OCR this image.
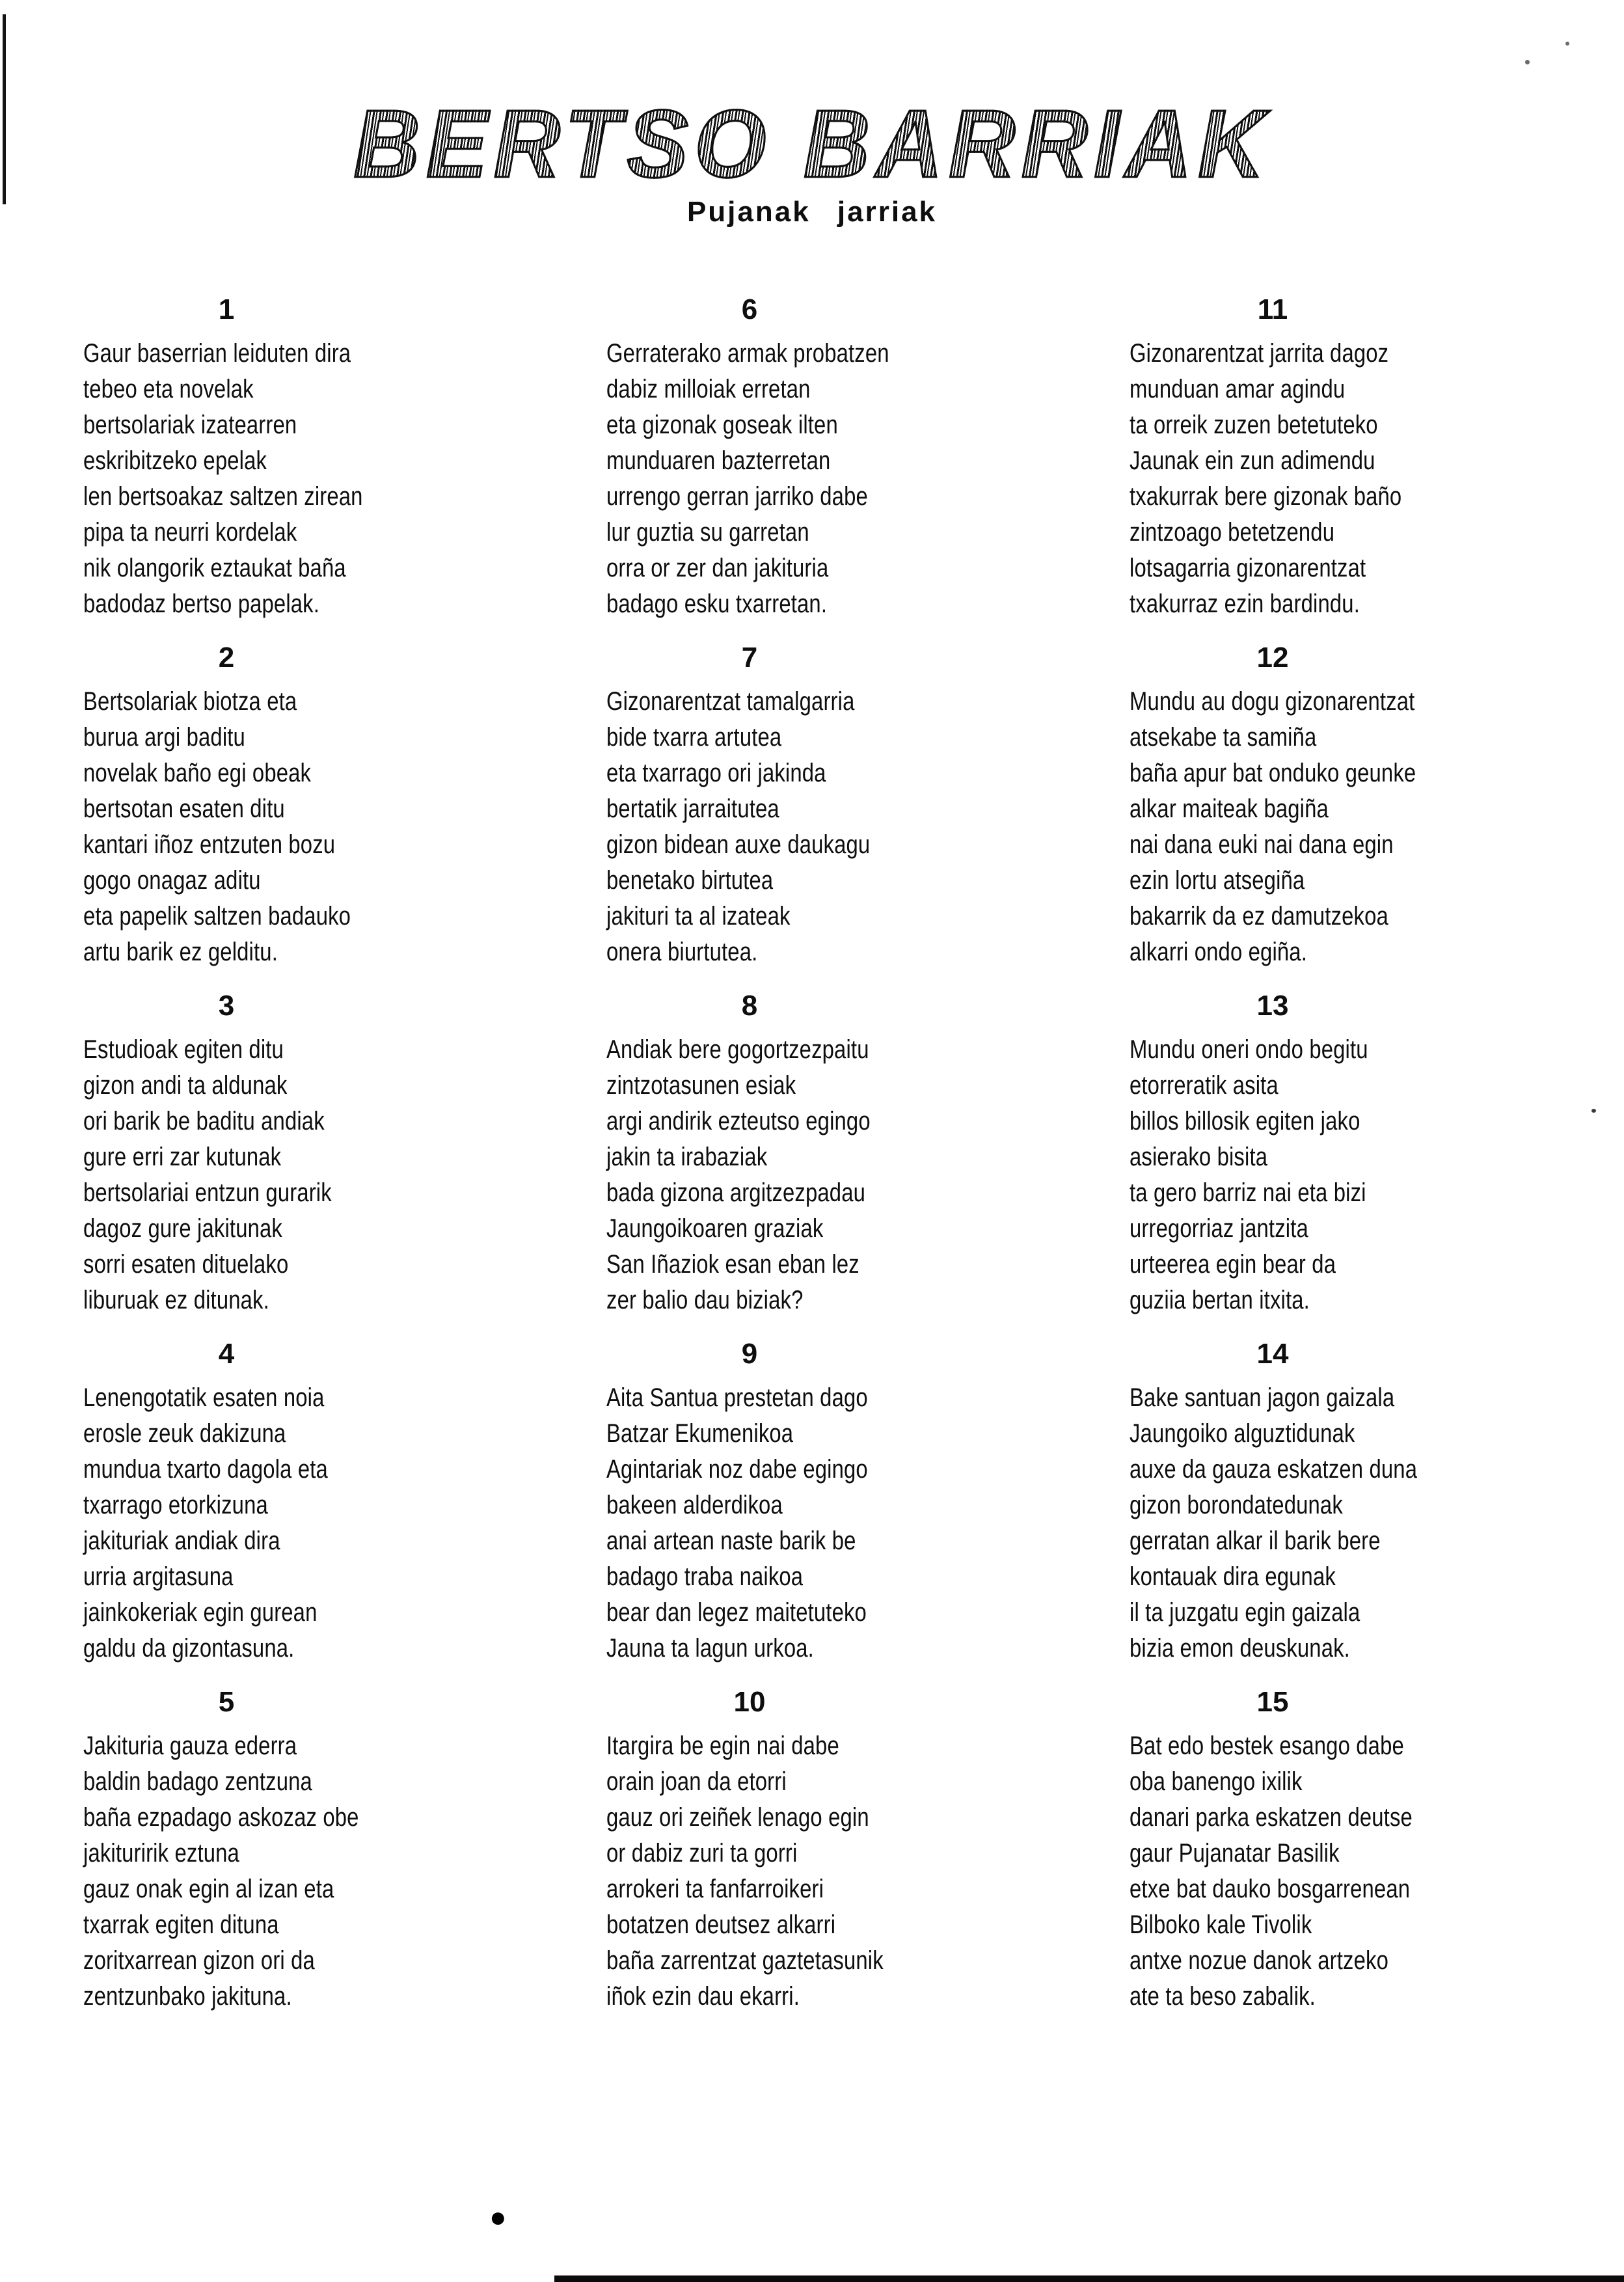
BERTSO BARRIAK
Pujanak jarriak
1
Gaur baserrian leiduten dira
tebeo eta novelak
bertsolariak izatearren
eskribitzeko epelak
len bertsoakaz saltzen zirean
pipa ta neurri kordelak
nik olangorik eztaukat baña
badodaz bertso papelak.
2
Bertsolariak biotza eta
burua argi baditu
novelak baño egi obeak
bertsotan esaten ditu
kantari iñoz entzuten bozu
gogo onagaz aditu
eta papelik saltzen badauko
artu barik ez gelditu.
3
Estudioak egiten ditu
gizon andi ta aldunak
ori barik be baditu andiak
gure erri zar kutunak
bertsolariai entzun gurarik
dagoz gure jakitunak
sorri esaten dituelako
liburuak ez ditunak.
4
Lenengotatik esaten noia
erosle zeuk dakizuna
mundua txarto dagola eta
txarrago etorkizuna
jakituriak andiak dira
urria argitasuna
jainkokeriak egin gurean
galdu da gizontasuna.
5
Jakituria gauza ederra
baldin badago zentzuna
baña ezpadago askozaz obe
jakituririk eztuna
gauz onak egin al izan eta
txarrak egiten dituna
zoritxarrean gizon ori da
zentzunbako jakituna.
6
Gerraterako armak probatzen
dabiz milloiak erretan
eta gizonak goseak ilten
munduaren bazterretan
urrengo gerran jarriko dabe
lur guztia su garretan
orra or zer dan jakituria
badago esku txarretan.
7
Gizonarentzat tamalgarria
bide txarra artutea
eta txarrago ori jakinda
bertatik jarraitutea
gizon bidean auxe daukagu
benetako birtutea
jakituri ta al izateak
onera biurtutea.
8
Andiak bere gogortzezpaitu
zintzotasunen esiak
argi andirik ezteutso egingo
jakin ta irabaziak
bada gizona argitzezpadau
Jaungoikoaren graziak
San Iñaziok esan eban lez
zer balio dau biziak?
9
Aita Santua prestetan dago
Batzar Ekumenikoa
Agintariak noz dabe egingo
bakeen alderdikoa
anai artean naste barik be
badago traba naikoa
bear dan legez maitetuteko
Jauna ta lagun urkoa.
10
Itargira be egin nai dabe
orain joan da etorri
gauz ori zeiñek lenago egin
or dabiz zuri ta gorri
arrokeri ta fanfarroikeri
botatzen deutsez alkarri
baña zarrentzat gaztetasunik
iñok ezin dau ekarri.
11
Gizonarentzat jarrita dagoz
munduan amar agindu
ta orreik zuzen betetuteko
Jaunak ein zun adimendu
txakurrak bere gizonak baño
zintzoago betetzendu
lotsagarria gizonarentzat
txakurraz ezin bardindu.
12
Mundu au dogu gizonarentzat
atsekabe ta samiña
baña apur bat onduko geunke
alkar maiteak bagiña
nai dana euki nai dana egin
ezin lortu atsegiña
bakarrik da ez damutzekoa
alkarri ondo egiña.
13
Mundu oneri ondo begitu
etorreratik asita
billos billosik egiten jako
asierako bisita
ta gero barriz nai eta bizi
urregorriaz jantzita
urteerea egin bear da
guziia bertan itxita.
14
Bake santuan jagon gaizala
Jaungoiko alguztidunak
auxe da gauza eskatzen duna
gizon borondatedunak
gerratan alkar il barik bere
kontauak dira egunak
il ta juzgatu egin gaizala
bizia emon deuskunak.
15
Bat edo bestek esango dabe
oba banengo ixilik
danari parka eskatzen deutse
gaur Pujanatar Basilik
etxe bat dauko bosgarrenean
Bilboko kale Tivolik
antxe nozue danok artzeko
ate ta beso zabalik.
●
